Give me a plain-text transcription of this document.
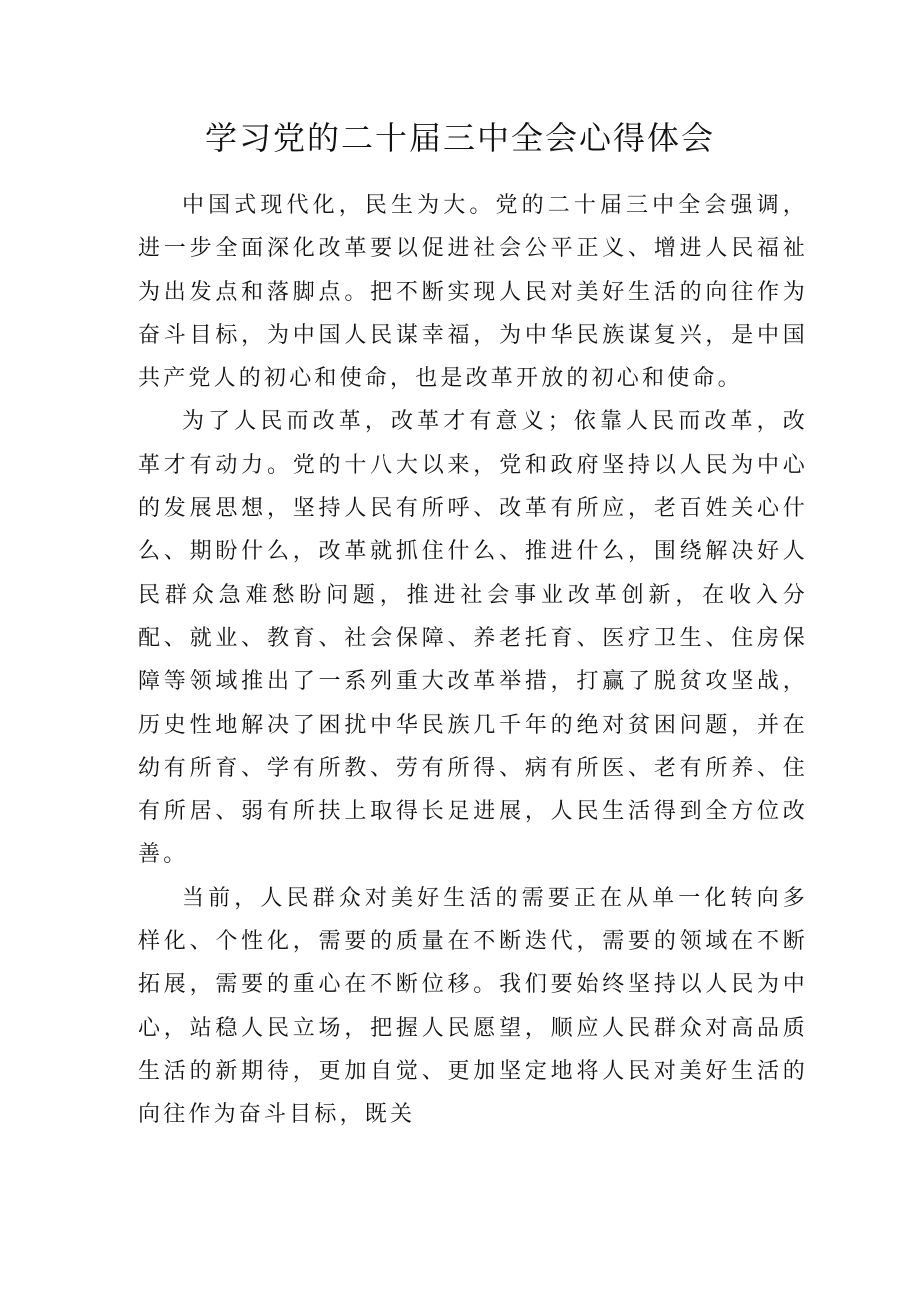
学习党的二十届三中全会心得体会

中国式现代化，民生为大。党的二十届三中全会强调，进一步全面深化改革要以促进社会公平正义、增进人民福祉为出发点和落脚点。把不断实现人民对美好生活的向往作为奋斗目标，为中国人民谋幸福，为中华民族谋复兴，是中国共产党人的初心和使命，也是改革开放的初心和使命。

为了人民而改革，改革才有意义；依靠人民而改革，改革才有动力。党的十八大以来，党和政府坚持以人民为中心的发展思想，坚持人民有所呼、改革有所应，老百姓关心什么、期盼什么，改革就抓住什么、推进什么，围绕解决好人民群众急难愁盼问题，推进社会事业改革创新，在收入分配、就业、教育、社会保障、养老托育、医疗卫生、住房保障等领域推出了一系列重大改革举措，打赢了脱贫攻坚战，历史性地解决了困扰中华民族几千年的绝对贫困问题，并在幼有所育、学有所教、劳有所得、病有所医、老有所养、住有所居、弱有所扶上取得长足进展，人民生活得到全方位改善。

当前，人民群众对美好生活的需要正在从单一化转向多样化、个性化，需要的质量在不断迭代，需要的领域在不断拓展，需要的重心在不断位移。我们要始终坚持以人民为中心，站稳人民立场，把握人民愿望，顺应人民群众对高品质生活的新期待，更加自觉、更加坚定地将人民对美好生活的向往作为奋斗目标，既关
